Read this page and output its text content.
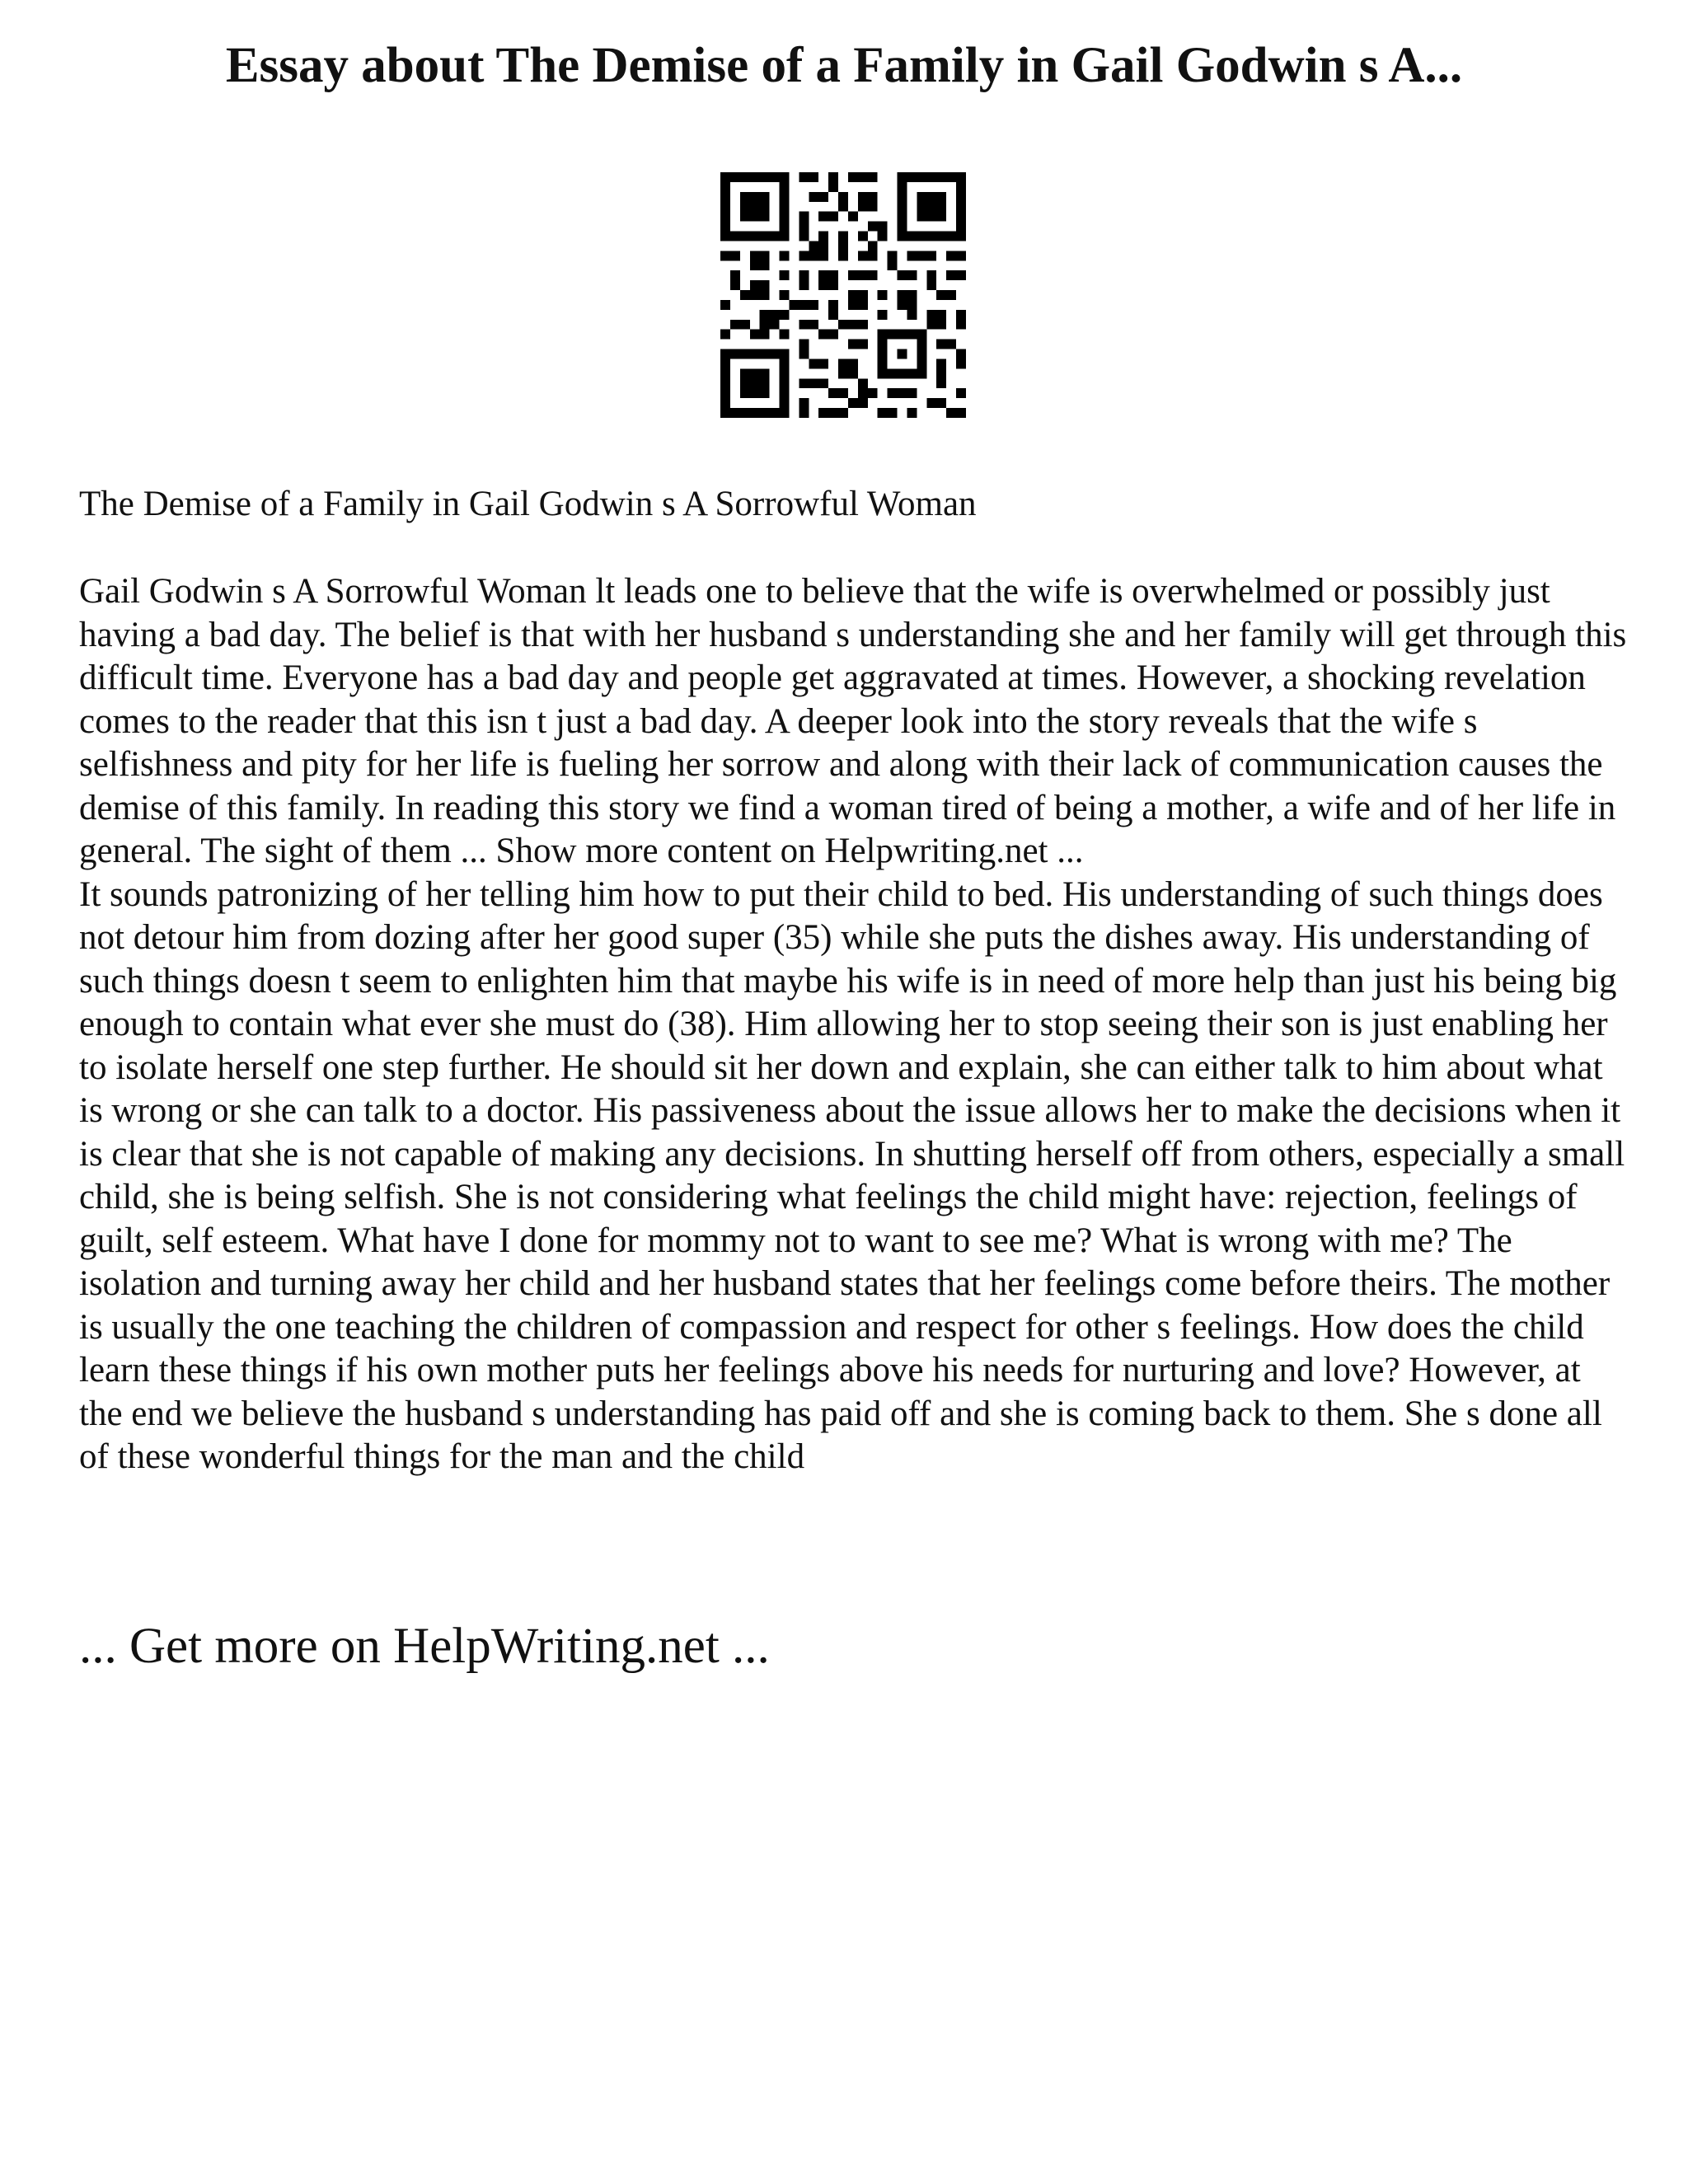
Essay about The Demise of a Family in Gail Godwin s A...

The Demise of a Family in Gail Godwin s A Sorrowful Woman

Gail Godwin s A Sorrowful Woman lt leads one to believe that the wife is overwhelmed or possibly just having a bad day. The belief is that with her husband s understanding she and her family will get through this difficult time. Everyone has a bad day and people get aggravated at times. However, a shocking revelation comes to the reader that this isn t just a bad day. A deeper look into the story reveals that the wife s selfishness and pity for her life is fueling her sorrow and along with their lack of communication causes the demise of this family. In reading this story we find a woman tired of being a mother, a wife and of her life in general. The sight of them ... Show more content on Helpwriting.net ...

It sounds patronizing of her telling him how to put their child to bed. His understanding of such things does not detour him from dozing after her good super (35) while she puts the dishes away. His understanding of such things doesn t seem to enlighten him that maybe his wife is in need of more help than just his being big enough to contain what ever she must do (38). Him allowing her to stop seeing their son is just enabling her to isolate herself one step further. He should sit her down and explain, she can either talk to him about what is wrong or she can talk to a doctor. His passiveness about the issue allows her to make the decisions when it is clear that she is not capable of making any decisions. In shutting herself off from others, especially a small child, she is being selfish. She is not considering what feelings the child might have: rejection, feelings of guilt, self esteem. What have I done for mommy not to want to see me? What is wrong with me? The isolation and turning away her child and her husband states that her feelings come before theirs. The mother is usually the one teaching the children of compassion and respect for other s feelings. How does the child learn these things if his own mother puts her feelings above his needs for nurturing and love? However, at the end we believe the husband s understanding has paid off and she is coming back to them. She s done all of these wonderful things for the man and the child

... Get more on HelpWriting.net ...
